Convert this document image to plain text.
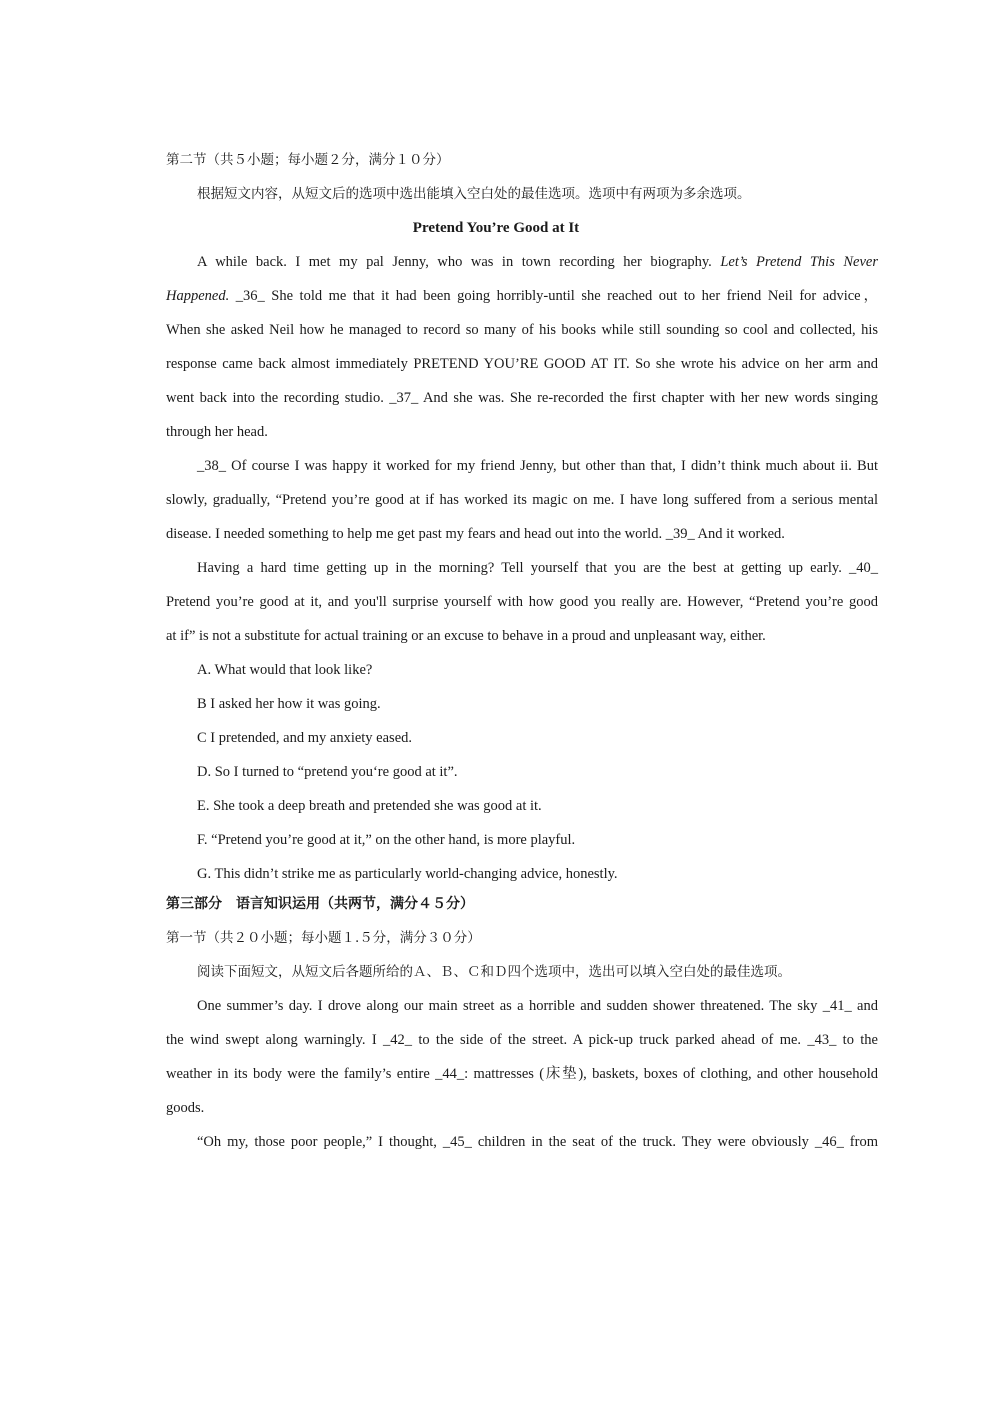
第二节（共５小题；每小题２分，满分１０分）
根据短文内容，从短文后的选项中选出能填入空白处的最佳选项。选项中有两项为多余选项。
Pretend You’re Good at It
A while back. I met my pal Jenny, who was in town recording her biography. Let’s Pretend This Never
Happened. _36_ She told me that it had been going horribly-until she reached out to her friend Neil for advice，
When she asked Neil how he managed to record so many of his books while still sounding so cool and collected, his
response came back almost immediately PRETEND YOU’RE GOOD AT IT. So she wrote his advice on her arm and
went back into the recording studio. _37_ And she was. She re-recorded the first chapter with her new words singing
through her head.
_38_ Of course I was happy it worked for my friend Jenny, but other than that, I didn’t think much about ii. But
slowly, gradually, “Pretend you’re good at if has worked its magic on me. I have long suffered from a serious mental
disease. I needed something to help me get past my fears and head out into the world. _39_ And it worked.
Having a hard time getting up in the morning? Tell yourself that you are the best at getting up early. _40_
Pretend you’re good at it, and you'll surprise yourself with how good you really are. However, “Pretend you’re good
at if” is not a substitute for actual training or an excuse to behave in a proud and unpleasant way, either.
A. What would that look like?
B I asked her how it was going.
C I pretended, and my anxiety eased.
D. So I turned to “pretend you‘re good at it”.
E. She took a deep breath and pretended she was good at it.
F. “Pretend you’re good at it,” on the other hand, is more playful.
G. This didn’t strike me as particularly world-changing advice, honestly.
第三部分　语言知识运用（共两节，满分４５分）
第一节（共２０小题；每小题１.５分，满分３０分）
阅读下面短文，从短文后各题所给的Ａ、Ｂ、Ｃ和Ｄ四个选项中，选出可以填入空白处的最佳选项。
One summer’s day. I drove along our main street as a horrible and sudden shower threatened. The sky _41_ and
the wind swept along warningly. I _42_ to the side of the street. A pick-up truck parked ahead of me. _43_ to the
weather in its body were the family’s entire _44_: mattresses (床垫), baskets, boxes of clothing, and other household
goods.
“Oh my, those poor people,” I thought, _45_ children in the seat of the truck. They were obviously _46_ from
